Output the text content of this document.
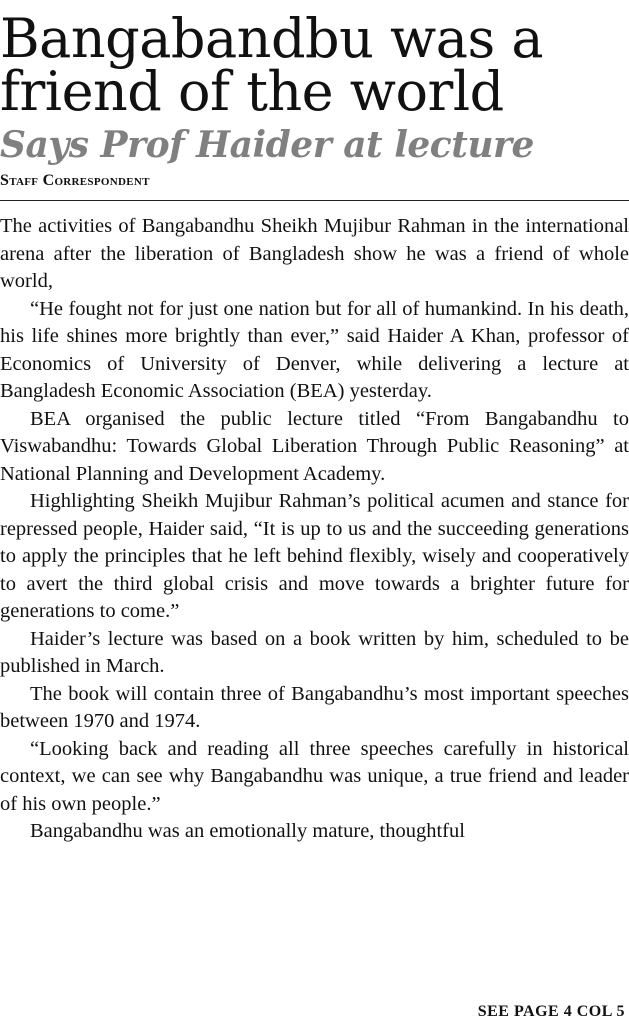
Bangabandbu was a friend of the world
Says Prof Haider at lecture
Staff Correspondent

The activities of Bangabandhu Sheikh Mujibur Rahman in the international arena after the liberation of Bangladesh show he was a friend of whole world,

“He fought not for just one nation but for all of humankind. In his death, his life shines more brightly than ever,” said Haider A Khan, professor of Economics of University of Denver, while delivering a lecture at Bangladesh Economic Association (BEA) yesterday.

BEA organised the public lecture titled “From Bangabandhu to Viswabandhu: Towards Global Liberation Through Public Reasoning” at National Planning and Development Academy.

Highlighting Sheikh Mujibur Rahman’s political acumen and stance for repressed people, Haider said, “It is up to us and the succeeding generations to apply the principles that he left behind flexibly, wisely and cooperatively to avert the third global crisis and move towards a brighter future for generations to come.”

Haider’s lecture was based on a book written by him, scheduled to be published in March.

The book will contain three of Bangabandhu’s most important speeches between 1970 and 1974.

“Looking back and reading all three speeches carefully in historical context, we can see why Bangabandhu was unique, a true friend and leader of his own people.”

Bangabandhu was an emotionally mature, thoughtful

SEE PAGE 4 COL 5
